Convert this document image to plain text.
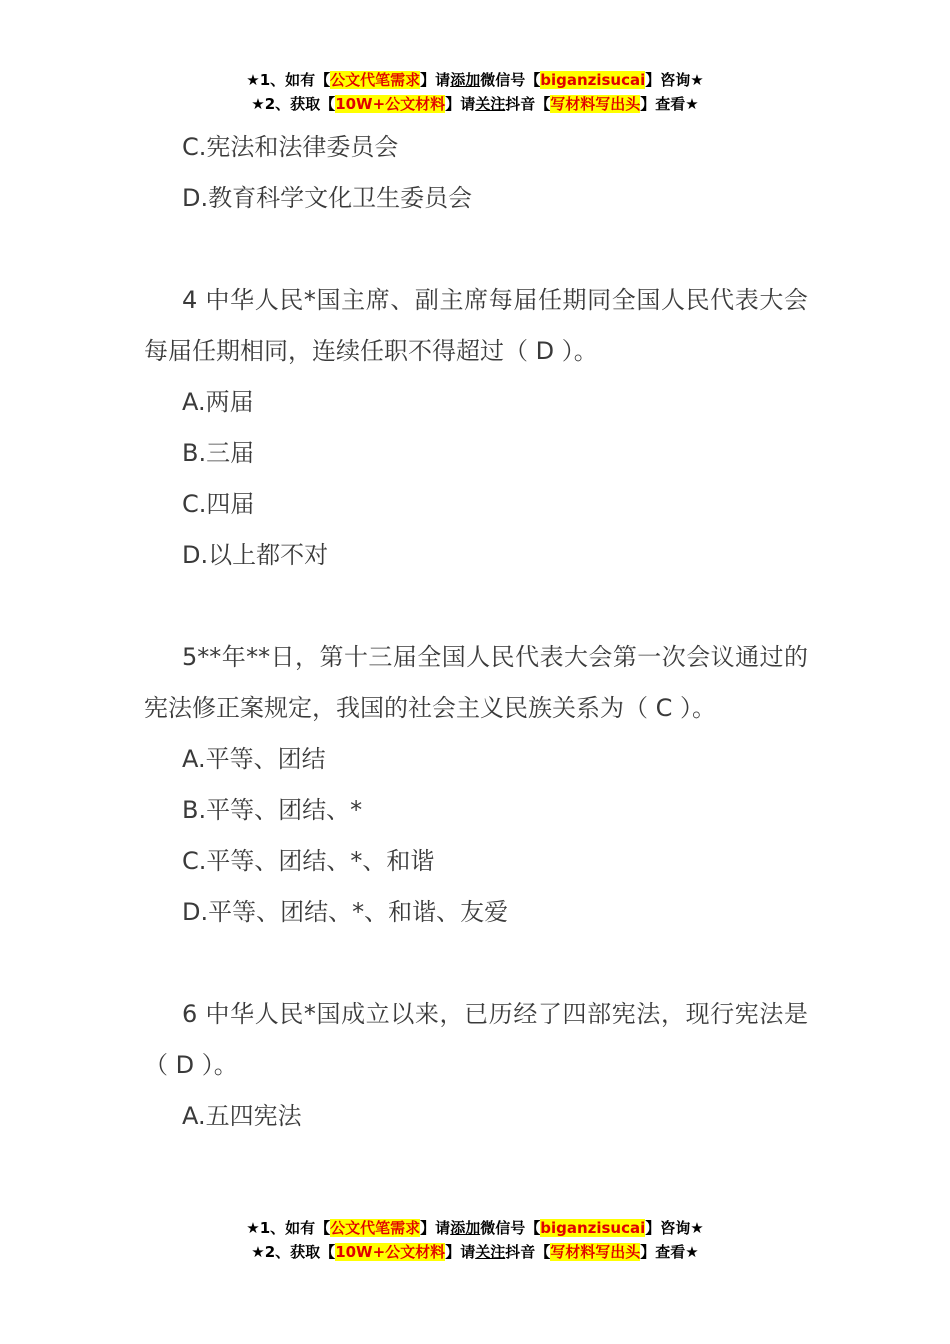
★1、如有【公文代笔需求】请添加微信号【biganzisucai】咨询★
★2、获取【10W+公文材料】请关注抖音【写材料写出头】查看★

C.宪法和法律委员会

D.教育科学文化卫生委员会

4 中华人民*国主席、副主席每届任期同全国人民代表大会每届任期相同，连续任职不得超过（ D ）。

A.两届

B.三届

C.四届

D.以上都不对

5**年**日，第十三届全国人民代表大会第一次会议通过的宪法修正案规定，我国的社会主义民族关系为（ C ）。

A.平等、团结

B.平等、团结、*

C.平等、团结、*、和谐

D.平等、团结、*、和谐、友爱

6 中华人民*国成立以来，已历经了四部宪法，现行宪法是（ D ）。

A.五四宪法

★1、如有【公文代笔需求】请添加微信号【biganzisucai】咨询★
★2、获取【10W+公文材料】请关注抖音【写材料写出头】查看★
